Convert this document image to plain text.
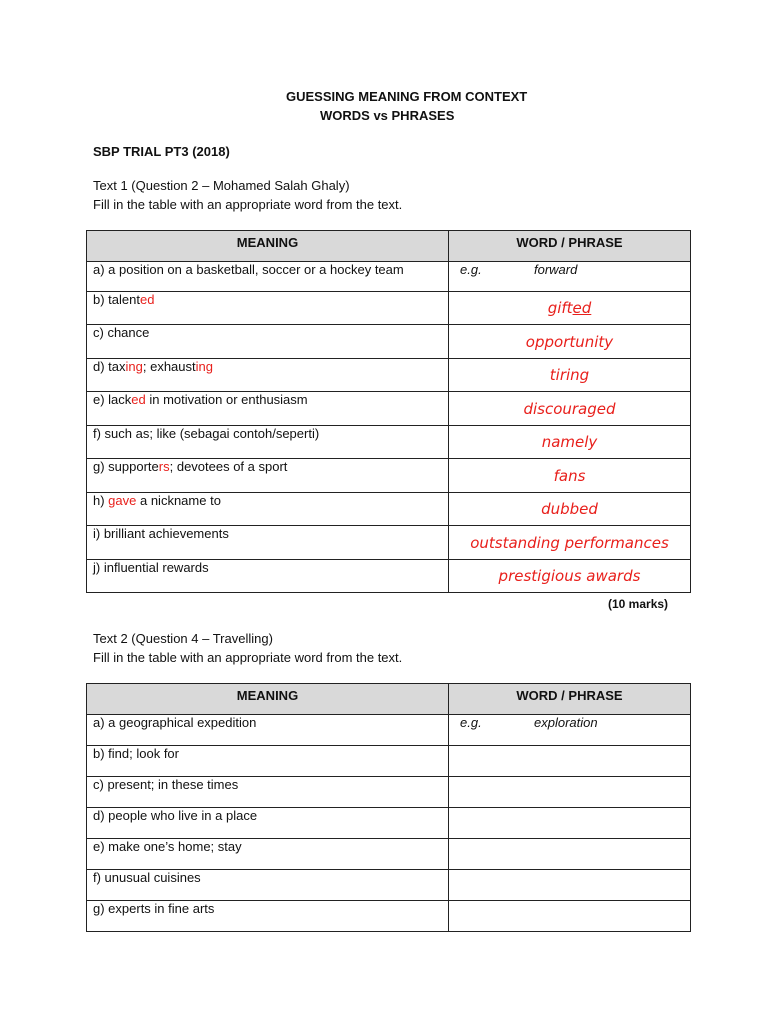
GUESSING MEANING FROM CONTEXT
WORDS vs PHRASES
SBP TRIAL PT3 (2018)
Text 1 (Question 2 – Mohamed Salah Ghaly)
Fill in the table with an appropriate word from the text.
MEANING	WORD / PHRASE
a) a position on a basketball, soccer or a hockey team	e.g. forward
b) talented	gifted
c) chance	opportunity
d) taxing; exhausting	tiring
e) lacked in motivation or enthusiasm	discouraged
f) such as; like (sebagai contoh/seperti)	namely
g) supporters; devotees of a sport	fans
h) gave a nickname to	dubbed
i) brilliant achievements	outstanding performances
j) influential rewards	prestigious awards
(10 marks)
Text 2 (Question 4 – Travelling)
Fill in the table with an appropriate word from the text.
MEANING	WORD / PHRASE
a) a geographical expedition	e.g. exploration
b) find; look for	
c) present; in these times	
d) people who live in a place	
e) make one’s home; stay	
f) unusual cuisines	
g) experts in fine arts	
